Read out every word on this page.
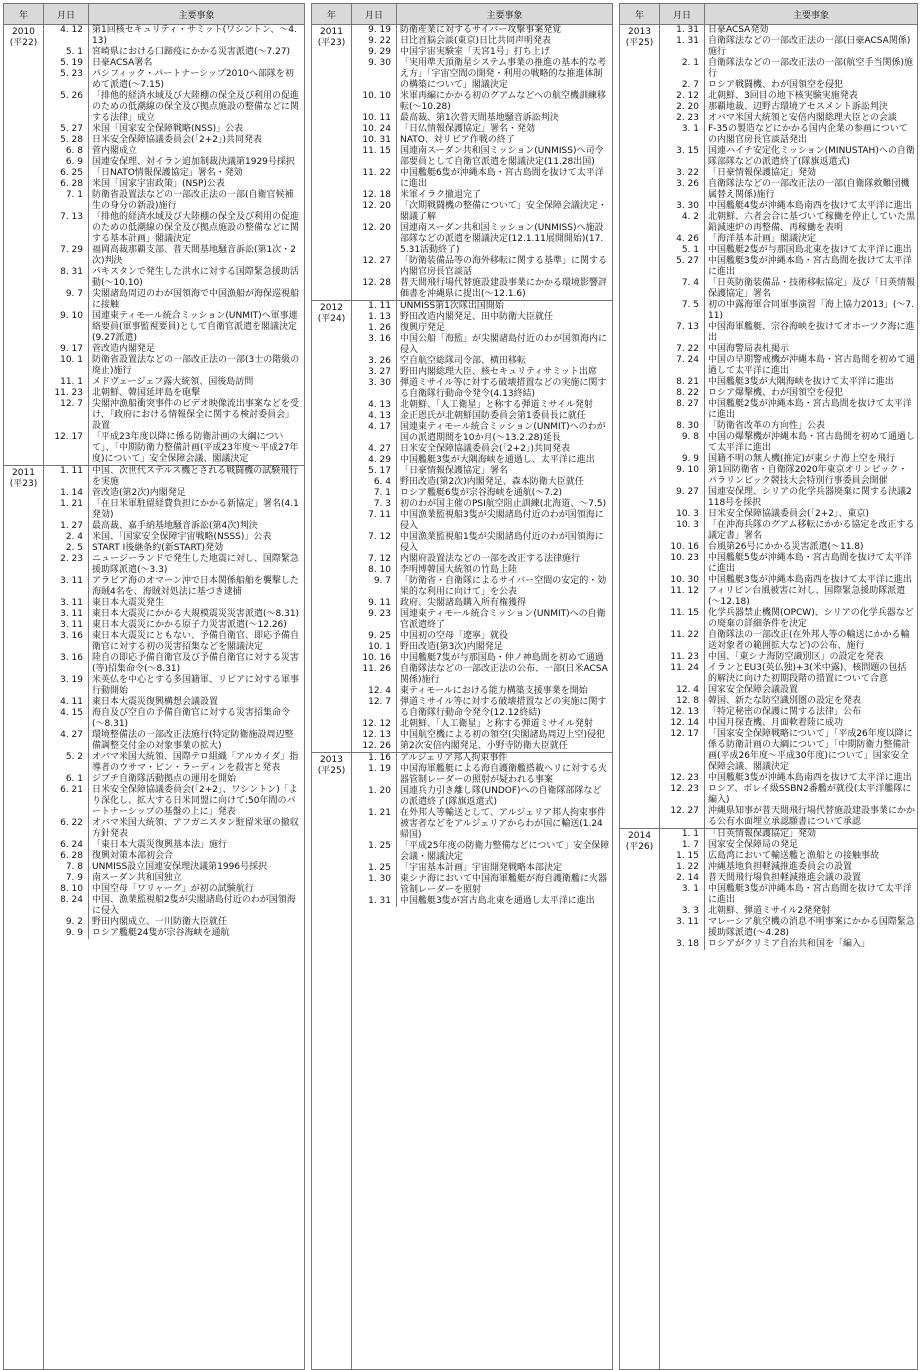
年	月日	主要事象
2010
(平22)
4. 12	第1回核セキュリティ・サミット(ワシントン、〜4.13)
5. 1	宮崎県における口蹄疫にかかる災害派遣(〜7.27)
5. 19	日豪ACSA署名
5. 23	パシフィック・パートナーシップ2010へ部隊を初めて派遣(〜7.15)
5. 26	「排他的経済水域及び大陸棚の保全及び利用の促進のための低潮線の保全及び拠点施設の整備などに関する法律」成立
5. 27	米国「国家安全保障戦略(NSS)」公表
5. 28	日米安全保障協議委員会(「2+2」)共同発表
6. 8	菅内閣成立
6. 9	国連安保理、対イラン追加制裁決議第1929号採択
6. 25	「日NATO情報保護協定」署名・発効
6. 28	米国「国家宇宙政策」(NSP)公表
7. 1	防衛省設置法などの一部改正法の一部(自衛官候補生の身分の新設)施行
7. 13	「排他的経済水域及び大陸棚の保全及び利用の促進のための低潮線の保全及び拠点施設の整備などに関する基本計画」閣議決定
7. 29	福岡高裁那覇支部、普天間基地騒音訴訟(第1次・2次)判決
8. 31	パキスタンで発生した洪水に対する国際緊急援助活動(〜10.10)
9. 7	尖閣諸島周辺のわが国領海で中国漁船が海保巡視船に接触
9. 10	国連東ティモール統合ミッション(UNMIT)へ軍事連絡要員(軍事監視要員)として自衛官派遣を閣議決定(9.27派遣)
9. 17	菅改造内閣発足
10. 1	防衛省設置法などの一部改正法の一部(3士の階級の廃止)施行
11. 1	メドヴェージェフ露大統領、国後島訪問
11. 23	北朝鮮、韓国延坪島を砲撃
12. 7	尖閣沖漁船衝突事件のビデオ映像流出事案などを受け、「政府における情報保全に関する検討委員会」設置
12. 17	「平成23年度以降に係る防衛計画の大綱について」、「中期防衛力整備計画(平成23年度〜平成27年度)について」安全保障会議、閣議決定
2011
(平23)
1. 11	中国、次世代ステルス機とされる戦闘機の試験飛行を実施
1. 14	菅改造(第2次)内閣発足
1. 21	「在日米軍駐留経費負担にかかる新協定」署名(4.1発効)
1. 27	最高裁、嘉手納基地騒音訴訟(第4次)判決
2. 4	米国、「国家安全保障宇宙戦略(NSSS)」公表
2. 5	START I後継条約(新START)発効
2. 23	ニュージーランドで発生した地震に対し、国際緊急援助隊派遣(〜3.3)
3. 11	アラビア海のオマーン沖で日本関係船舶を襲撃した海賊4名を、海賊対処法に基づき逮捕
3. 11	東日本大震災発生
3. 11	東日本大震災にかかる大規模震災災害派遣(〜8.31)
3. 11	東日本大震災にかかる原子力災害派遣(〜12.26)
3. 16	東日本大震災にともない、予備自衛官、即応予備自衛官に対する初の災害招集などを閣議決定
3. 16	陸自の即応予備自衛官及び予備自衛官に対する災害(等)招集命令(〜8.31)
3. 19	米英仏を中心とする多国籍軍、リビアに対する軍事行動開始
4. 11	東日本大震災復興構想会議設置
4. 15	海自及び空自の予備自衛官に対する災害招集命令(〜8.31)
4. 27	環境整備法の一部改正法施行(特定防衛施設周辺整備調整交付金の対象事業の拡大)
5. 2	オバマ米国大統領、国際テロ組織「アルカイダ」指導者のウサマ・ビン・ラーディンを殺害と発表
6. 1	ジブチ自衛隊活動拠点の運用を開始
6. 21	日米安全保障協議委員会(「2+2」、ワシントン)「より深化し、拡大する日米同盟に向けて:50年間のパートナーシップの基盤の上に」発表
6. 22	オバマ米国大統領、アフガニスタン駐留米軍の撤収方針発表
6. 24	「東日本大震災復興基本法」施行
6. 28	復興対策本部初会合
7. 8	UNMISS設立国連安保理決議第1996号採択
7. 9	南スーダン共和国独立
8. 10	中国空母「ワリャーグ」が初の試験航行
8. 24	中国、漁業監視船2隻が尖閣諸島付近のわが国領海に侵入
9. 2	野田内閣成立、一川防衛大臣就任
9. 9	ロシア艦艇24隻が宗谷海峡を通航
年	月日	主要事象
2011
(平23)
9. 19	防衛産業に対するサイバー攻撃事案発覚
9. 22	日比首脳会談(東京)日比共同声明発表
9. 29	中国宇宙実験室「天宮1号」打ち上げ
9. 30	「実用準天頂衛星システム事業の推進の基本的な考え方」「宇宙空間の開発・利用の戦略的な推進体制の構築について」閣議決定
10. 10	米軍再編にかかる初のグアムなどへの航空機訓練移転(〜10.28)
10. 11	最高裁、第1次普天間基地騒音訴訟判決
10. 24	「日仏情報保護協定」署名・発効
10. 31	NATO、対リビア作戦の終了
11. 15	国連南スーダン共和国ミッション(UNMISS)へ司令部要員として自衛官派遣を閣議決定(11.28出国)
11. 22	中国艦艇6隻が沖縄本島・宮古島間を抜けて太平洋に進出
12. 18	米軍イラク撤退完了
12. 20	「次期戦闘機の整備について」安全保障会議決定・閣議了解
12. 20	国連南スーダン共和国ミッション(UNMISS)へ施設部隊などの派遣を閣議決定(12.1.11展開開始)(17.5.31活動終了)
12. 27	「防衛装備品等の海外移転に関する基準」に関する内閣官房長官談話
12. 28	普天間飛行場代替施設建設事業にかかる環境影響評価書を沖縄県に提出(〜12.1.6)
2012
(平24)
1. 11	UNMISS第1次隊出国開始
1. 13	野田改造内閣発足、田中防衛大臣就任
1. 26	復興庁発足
3. 16	中国公船「海監」が尖閣諸島付近のわが国領海内に侵入
3. 26	空自航空総隊司令部、横田移転
3. 27	野田内閣総理大臣、核セキュリティサミット出席
3. 30	弾道ミサイル等に対する破壊措置などの実施に関する自衛隊行動命令発令(4.13終結)
4. 13	北朝鮮、「人工衛星」と称する弾道ミサイル発射
4. 13	金正恩氏が北朝鮮国防委員会第1委員長に就任
4. 17	国連東ティモール統合ミッション(UNMIT)へのわが国の派遣期間を10か月(〜13.2.28)延長
4. 27	日米安全保障協議委員会(「2+2」)共同発表
4. 29	中国艦艇3隻が大隅海峡を通過し、太平洋に進出
5. 17	「日豪情報保護協定」署名
6. 4	野田改造(第2次)内閣発足、森本防衛大臣就任
7. 1	ロシア艦艇6隻が宗谷海峡を通航(〜7.2)
7. 3	初のわが国主催のPSI航空阻止訓練(北海道、〜7.5)
7. 11	中国漁業監視船3隻が尖閣諸島付近のわが国領海に侵入
7. 12	中国漁業監視船1隻が尖閣諸島付近のわが国領海に侵入
7. 12	内閣府設置法などの一部を改正する法律施行
8. 10	李明博韓国大統領の竹島上陸
9. 7	「防衛省・自衛隊によるサイバー空間の安定的・効果的な利用に向けて」を公表
9. 11	政府、尖閣諸島購入所有権獲得
9. 23	国連東ティモール統合ミッション(UNMIT)への自衛官派遣終了
9. 25	中国初の空母「遼寧」就役
10. 1	野田改造(第3次)内閣発足
10. 16	中国艦艇7隻が与那国島・仲ノ神島間を初めて通過
11. 26	自衛隊法などの一部改正法の公布、一部(日米ACSA関係)施行
12. 4	東ティモールにおける能力構築支援事業を開始
12. 7	弾道ミサイル等に対する破壊措置などの実施に関する自衛隊行動命令発令(12.12終結)
12. 12	北朝鮮、「人工衛星」と称する弾道ミサイル発射
12. 13	中国航空機による初の領空(尖閣諸島周辺上空)侵犯
12. 26	第2次安倍内閣発足、小野寺防衛大臣就任
2013
(平25)
1. 16	アルジェリア邦人拘束事件
1. 19	中国海軍艦艇による海自護衛艦搭載ヘリに対する火器管制レーダーの照射が疑われる事案
1. 20	国連兵力引き離し隊(UNDOF)への自衛隊部隊などの派遣終了(隊旗返還式)
1. 21	在外邦人等輸送として、アルジェリア邦人拘束事件被害者などをアルジェリアからわが国に輸送(1.24帰国)
1. 25	「平成25年度の防衛力整備などについて」安全保障会議・閣議決定
1. 25	「宇宙基本計画」宇宙開発戦略本部決定
1. 30	東シナ海において中国海軍艦艇が海自護衛艦に火器管制レーダーを照射
1. 31	中国艦艇3隻が宮古島北東を通過し太平洋に進出
年	月日	主要事象
2013
(平25)
1. 31	日豪ACSA発効
1. 31	自衛隊法などの一部改正法の一部(日豪ACSA関係)施行
2. 1	自衛隊法などの一部改正法の一部(航空手当関係)施行
2. 7	ロシア戦闘機、わが国領空を侵犯
2. 12	北朝鮮、3回目の地下核実験実施発表
2. 20	那覇地裁、辺野古環境アセスメント訴訟判決
2. 23	オバマ米国大統領と安倍内閣総理大臣との会談
3. 1	F-35の製造などにかかる国内企業の参画についての内閣官房長官談話発出
3. 15	国連ハイチ安定化ミッション(MINUSTAH)への自衛隊部隊などの派遣終了(隊旗返還式)
3. 22	「日豪情報保護協定」発効
3. 26	自衛隊法などの一部改正法の一部(自衛隊救難団機属替え関係)施行
3. 30	中国艦艇4隻が沖縄本島南西を抜けて太平洋に進出
4. 2	北朝鮮、六者会合に基づいて稼働を停止していた黒鉛減速炉の再整備、再稼働を表明
4. 26	「海洋基本計画」閣議決定
5. 1	中国艦艇2隻が与那国島北東を抜けて太平洋に進出
5. 27	中国艦艇3隻が沖縄本島・宮古島間を抜けて太平洋に進出
7. 4	「日英防衛装備品・技術移転協定」及び「日英情報保護協定」署名
7. 5	初の中露海軍合同軍事演習「海上協力2013」(〜7.11)
7. 13	中国海軍艦艇、宗谷海峡を抜けてオホーツク海に進出
7. 22	中国海警局表札掲示
7. 24	中国の早期警戒機が沖縄本島・宮古島間を初めて通過して太平洋に進出
8. 21	中国艦艇3隻が大隅海峡を抜けて太平洋に進出
8. 22	ロシア爆撃機、わが国領空を侵犯
8. 27	中国艦艇2隻が沖縄本島・宮古島間を抜けて太平洋に進出
8. 30	「防衛省改革の方向性」公表
9. 8	中国の爆撃機が沖縄本島・宮古島間を初めて通過して太平洋に進出
9. 9	国籍不明の無人機(推定)が東シナ海上空を飛行
9. 10	第1回防衛省・自衛隊2020年東京オリンピック・パラリンピック競技大会特別行事委員会開催
9. 27	国連安保理、シリアの化学兵器廃棄に関する決議2118号を採択
10. 3	日米安全保障協議委員会(「2+2」、東京)
10. 3	「在沖海兵隊のグアム移転にかかる協定を改正する議定書」署名
10. 16	台風第26号にかかる災害派遣(〜11.8)
10. 23	中国艦艇5隻が沖縄本島・宮古島間を抜けて太平洋に進出
10. 30	中国艦艇3隻が沖縄本島南西を抜けて太平洋に進出
11. 12	フィリピン台風被害に対し、国際緊急援助隊派遣(〜12.18)
11. 15	化学兵器禁止機関(OPCW)、シリアの化学兵器などの廃棄の詳細条件を決定
11. 22	自衛隊法の一部改正(在外邦人等の輸送にかかる輸送対象者の範囲拡大など)の公布、施行
11. 23	中国、「東シナ海防空識別区」の設定を発表
11. 24	イランとEU3(英仏独)+3(米中露)、核問題の包括的解決に向けた初期段階の措置について合意
12. 4	国家安全保障会議設置
12. 8	韓国、新たな防空識別圏の設定を発表
12. 13	「特定秘密の保護に関する法律」公布
12. 14	中国月探査機、月面軟着陸に成功
12. 17	「国家安全保障戦略について」「平成26年度以降に係る防衛計画の大綱について」「中期防衛力整備計画(平成26年度〜平成30年度)について」国家安全保障会議、閣議決定
12. 23	中国艦艇3隻が沖縄本島南西を抜けて太平洋に進出
12. 23	ロシア、ボレイ級SSBN2番艦が就役(太平洋艦隊に編入)
12. 27	沖縄県知事が普天間飛行場代替施設建設事業にかかる公有水面埋立承認願書について承認
2014
(平26)
1. 1	「日英情報保護協定」発効
1. 7	国家安全保障局の発足
1. 15	広島湾において輸送艦と漁船との接触事故
1. 22	沖縄基地負担軽減推進委員会の設置
2. 14	普天間飛行場負担軽減推進会議の設置
3. 1	中国艦艇3隻が沖縄本島・宮古島間を抜けて太平洋に進出
3. 3	北朝鮮、弾道ミサイル2発発射
3. 11	マレーシア航空機の消息不明事案にかかる国際緊急援助隊派遣(〜4.28)
3. 18	ロシアがクリミア自治共和国を「編入」
